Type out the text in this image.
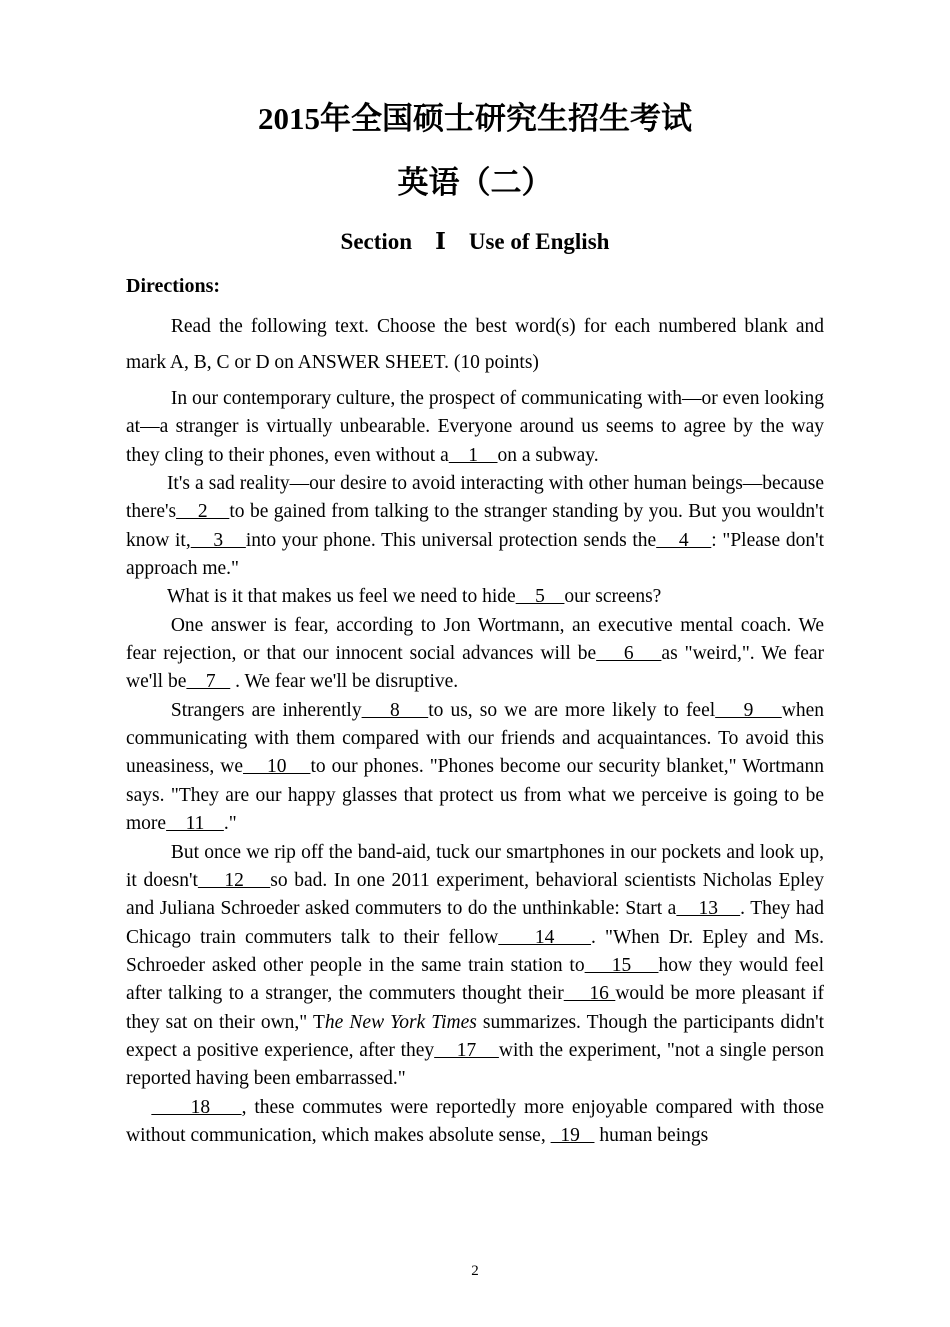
2015年全国硕士研究生招生考试
英语（二）
Section　Ⅰ　Use of English
Directions:

Read the following text. Choose the best word(s) for each numbered blank and mark A, B, C or D on ANSWER SHEET. (10 points)

In our contemporary culture, the prospect of communicating with—or even looking at—a stranger is virtually unbearable. Everyone around us seems to agree by the way they cling to their phones, even without a    1    on a subway.

It's a sad reality—our desire to avoid interacting with other human beings—because there's    2    to be gained from talking to the stranger standing by you. But you wouldn't know it,    3    into your phone. This universal protection sends the    4    : "Please don't approach me."

What is it that makes us feel we need to hide    5    our screens?

One answer is fear, according to Jon Wortmann, an executive mental coach. We fear rejection, or that our innocent social advances will be    6    as "weird,". We fear we'll be    7    . We fear we'll be disruptive.

Strangers are inherently    8    to us, so we are more likely to feel    9    when communicating with them compared with our friends and acquaintances. To avoid this uneasiness, we    10    to our phones. "Phones become our security blanket," Wortmann says. "They are our happy glasses that protect us from what we perceive is going to be more    11    ."

But once we rip off the band-aid, tuck our smartphones in our pockets and look up, it doesn't    12    so bad. In one 2011 experiment, behavioral scientists Nicholas Epley and Juliana Schroeder asked commuters to do the unthinkable: Start a    13    . They had Chicago train commuters talk to their fellow    14    . "When Dr. Epley and Ms. Schroeder asked other people in the same train station to    15    how they would feel after talking to a stranger, the commuters thought their    16 would be more pleasant if they sat on their own," The New York Times summarizes. Though the participants didn't expect a positive experience, after they    17    with the experiment, "not a single person reported having been embarrassed."

18    , these commutes were reportedly more enjoyable compared with those without communication, which makes absolute sense,   19    human beings

2
